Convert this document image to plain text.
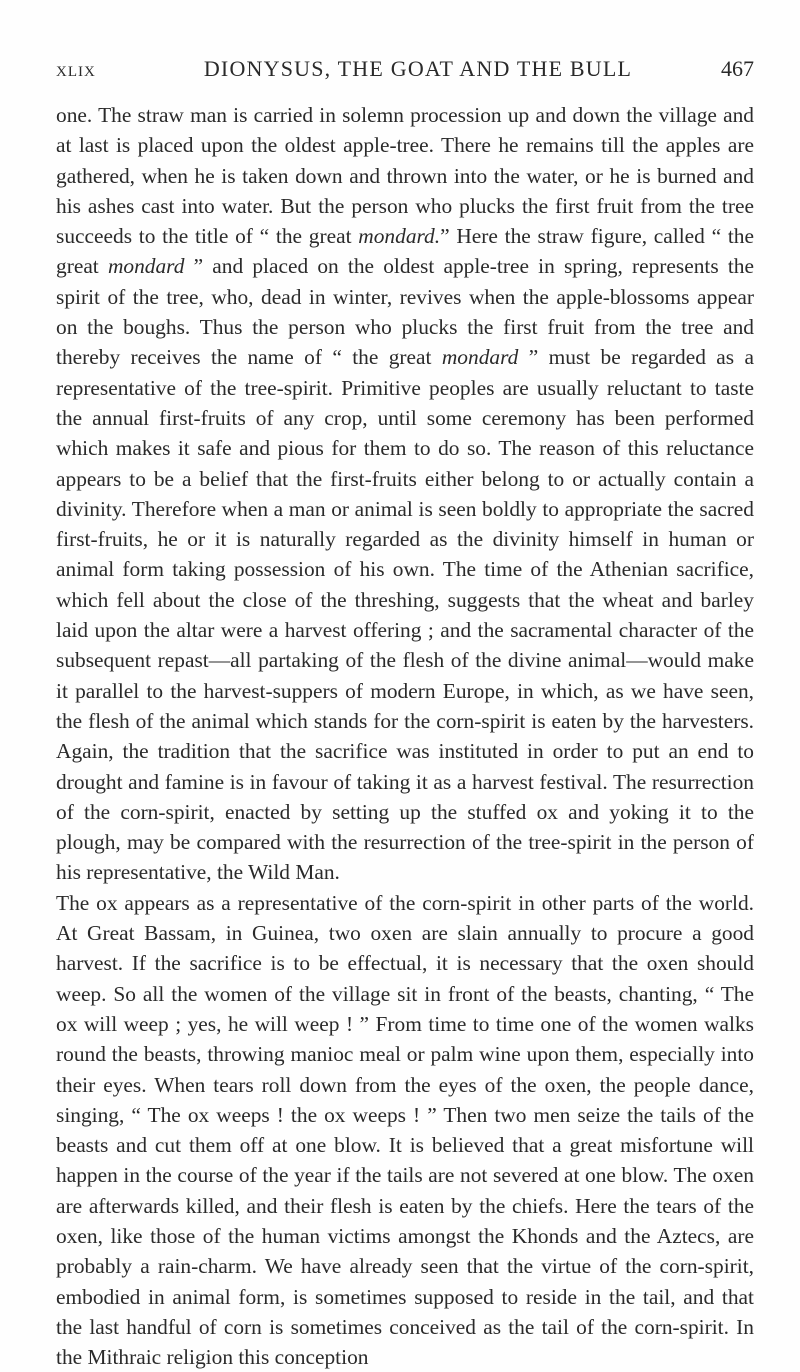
XLIX	DIONYSUS, THE GOAT AND THE BULL	467

one. The straw man is carried in solemn procession up and down the village and at last is placed upon the oldest apple-tree. There he remains till the apples are gathered, when he is taken down and thrown into the water, or he is burned and his ashes cast into water. But the person who plucks the first fruit from the tree succeeds to the title of “ the great mondard.” Here the straw figure, called “ the great mondard ” and placed on the oldest apple-tree in spring, represents the spirit of the tree, who, dead in winter, revives when the apple-blossoms appear on the boughs. Thus the person who plucks the first fruit from the tree and thereby receives the name of “ the great mondard ” must be regarded as a representative of the tree-spirit. Primitive peoples are usually reluctant to taste the annual first-fruits of any crop, until some ceremony has been performed which makes it safe and pious for them to do so. The reason of this reluctance appears to be a belief that the first-fruits either belong to or actually contain a divinity. Therefore when a man or animal is seen boldly to appropriate the sacred first-fruits, he or it is naturally regarded as the divinity himself in human or animal form taking possession of his own. The time of the Athenian sacrifice, which fell about the close of the threshing, suggests that the wheat and barley laid upon the altar were a harvest offering ; and the sacramental character of the subsequent repast—all partaking of the flesh of the divine animal—would make it parallel to the harvest-suppers of modern Europe, in which, as we have seen, the flesh of the animal which stands for the corn-spirit is eaten by the harvesters. Again, the tradition that the sacrifice was instituted in order to put an end to drought and famine is in favour of taking it as a harvest festival. The resurrection of the corn-spirit, enacted by setting up the stuffed ox and yoking it to the plough, may be compared with the resurrection of the tree-spirit in the person of his representative, the Wild Man.

The ox appears as a representative of the corn-spirit in other parts of the world. At Great Bassam, in Guinea, two oxen are slain annually to procure a good harvest. If the sacrifice is to be effectual, it is necessary that the oxen should weep. So all the women of the village sit in front of the beasts, chanting, “ The ox will weep ; yes, he will weep ! ” From time to time one of the women walks round the beasts, throwing manioc meal or palm wine upon them, especially into their eyes. When tears roll down from the eyes of the oxen, the people dance, singing, “ The ox weeps ! the ox weeps ! ” Then two men seize the tails of the beasts and cut them off at one blow. It is believed that a great misfortune will happen in the course of the year if the tails are not severed at one blow. The oxen are afterwards killed, and their flesh is eaten by the chiefs. Here the tears of the oxen, like those of the human victims amongst the Khonds and the Aztecs, are probably a rain-charm. We have already seen that the virtue of the corn-spirit, embodied in animal form, is sometimes supposed to reside in the tail, and that the last handful of corn is sometimes conceived as the tail of the corn-spirit. In the Mithraic religion this conception
